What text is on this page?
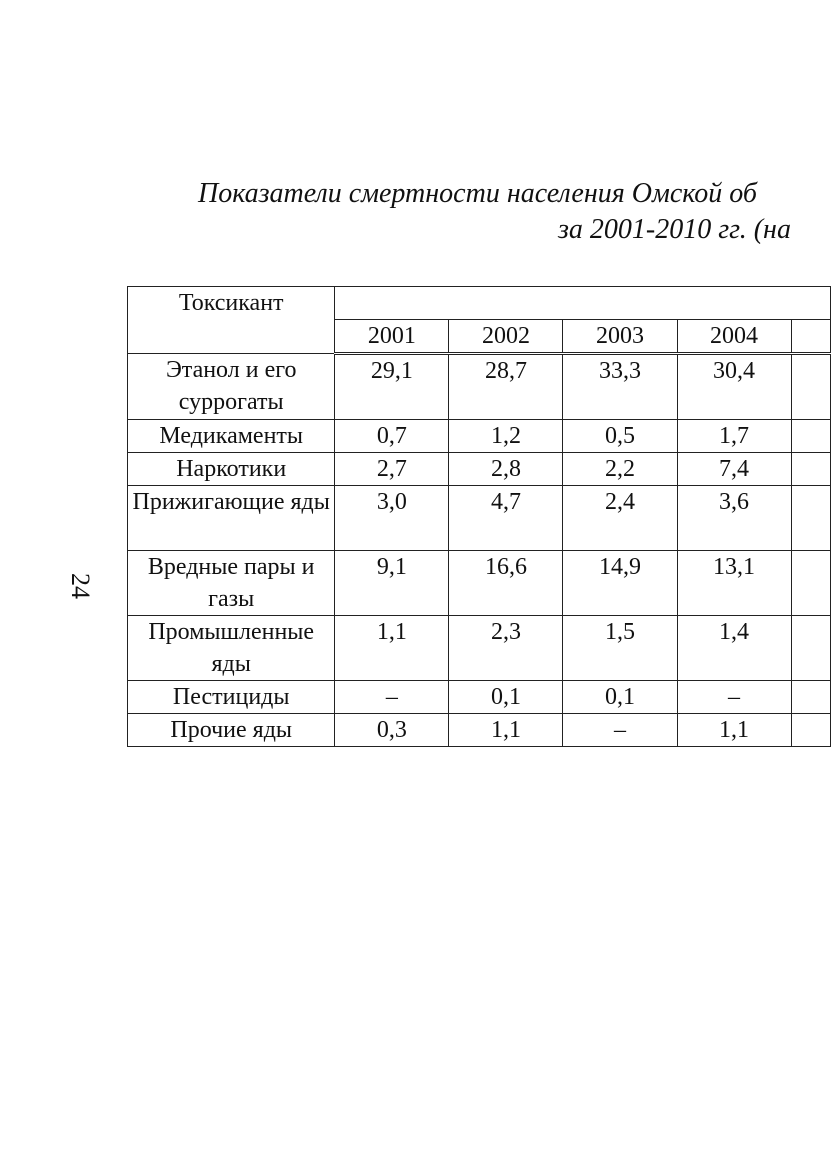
24
Показатели смертности населения Омской об
за 2001-2010 гг. (на
Токсикант					
	2001	2002	2003	2004	
Этанол и его суррогаты	29,1	28,7	33,3	30,4	
Медикаменты	0,7	1,2	0,5	1,7	
Наркотики	2,7	2,8	2,2	7,4	
Прижигающие яды	3,0	4,7	2,4	3,6	
Вредные пары и газы	9,1	16,6	14,9	13,1	
Промышленные яды	1,1	2,3	1,5	1,4	
Пестициды	–	0,1	0,1	–	
Прочие яды	0,3	1,1	–	1,1	
